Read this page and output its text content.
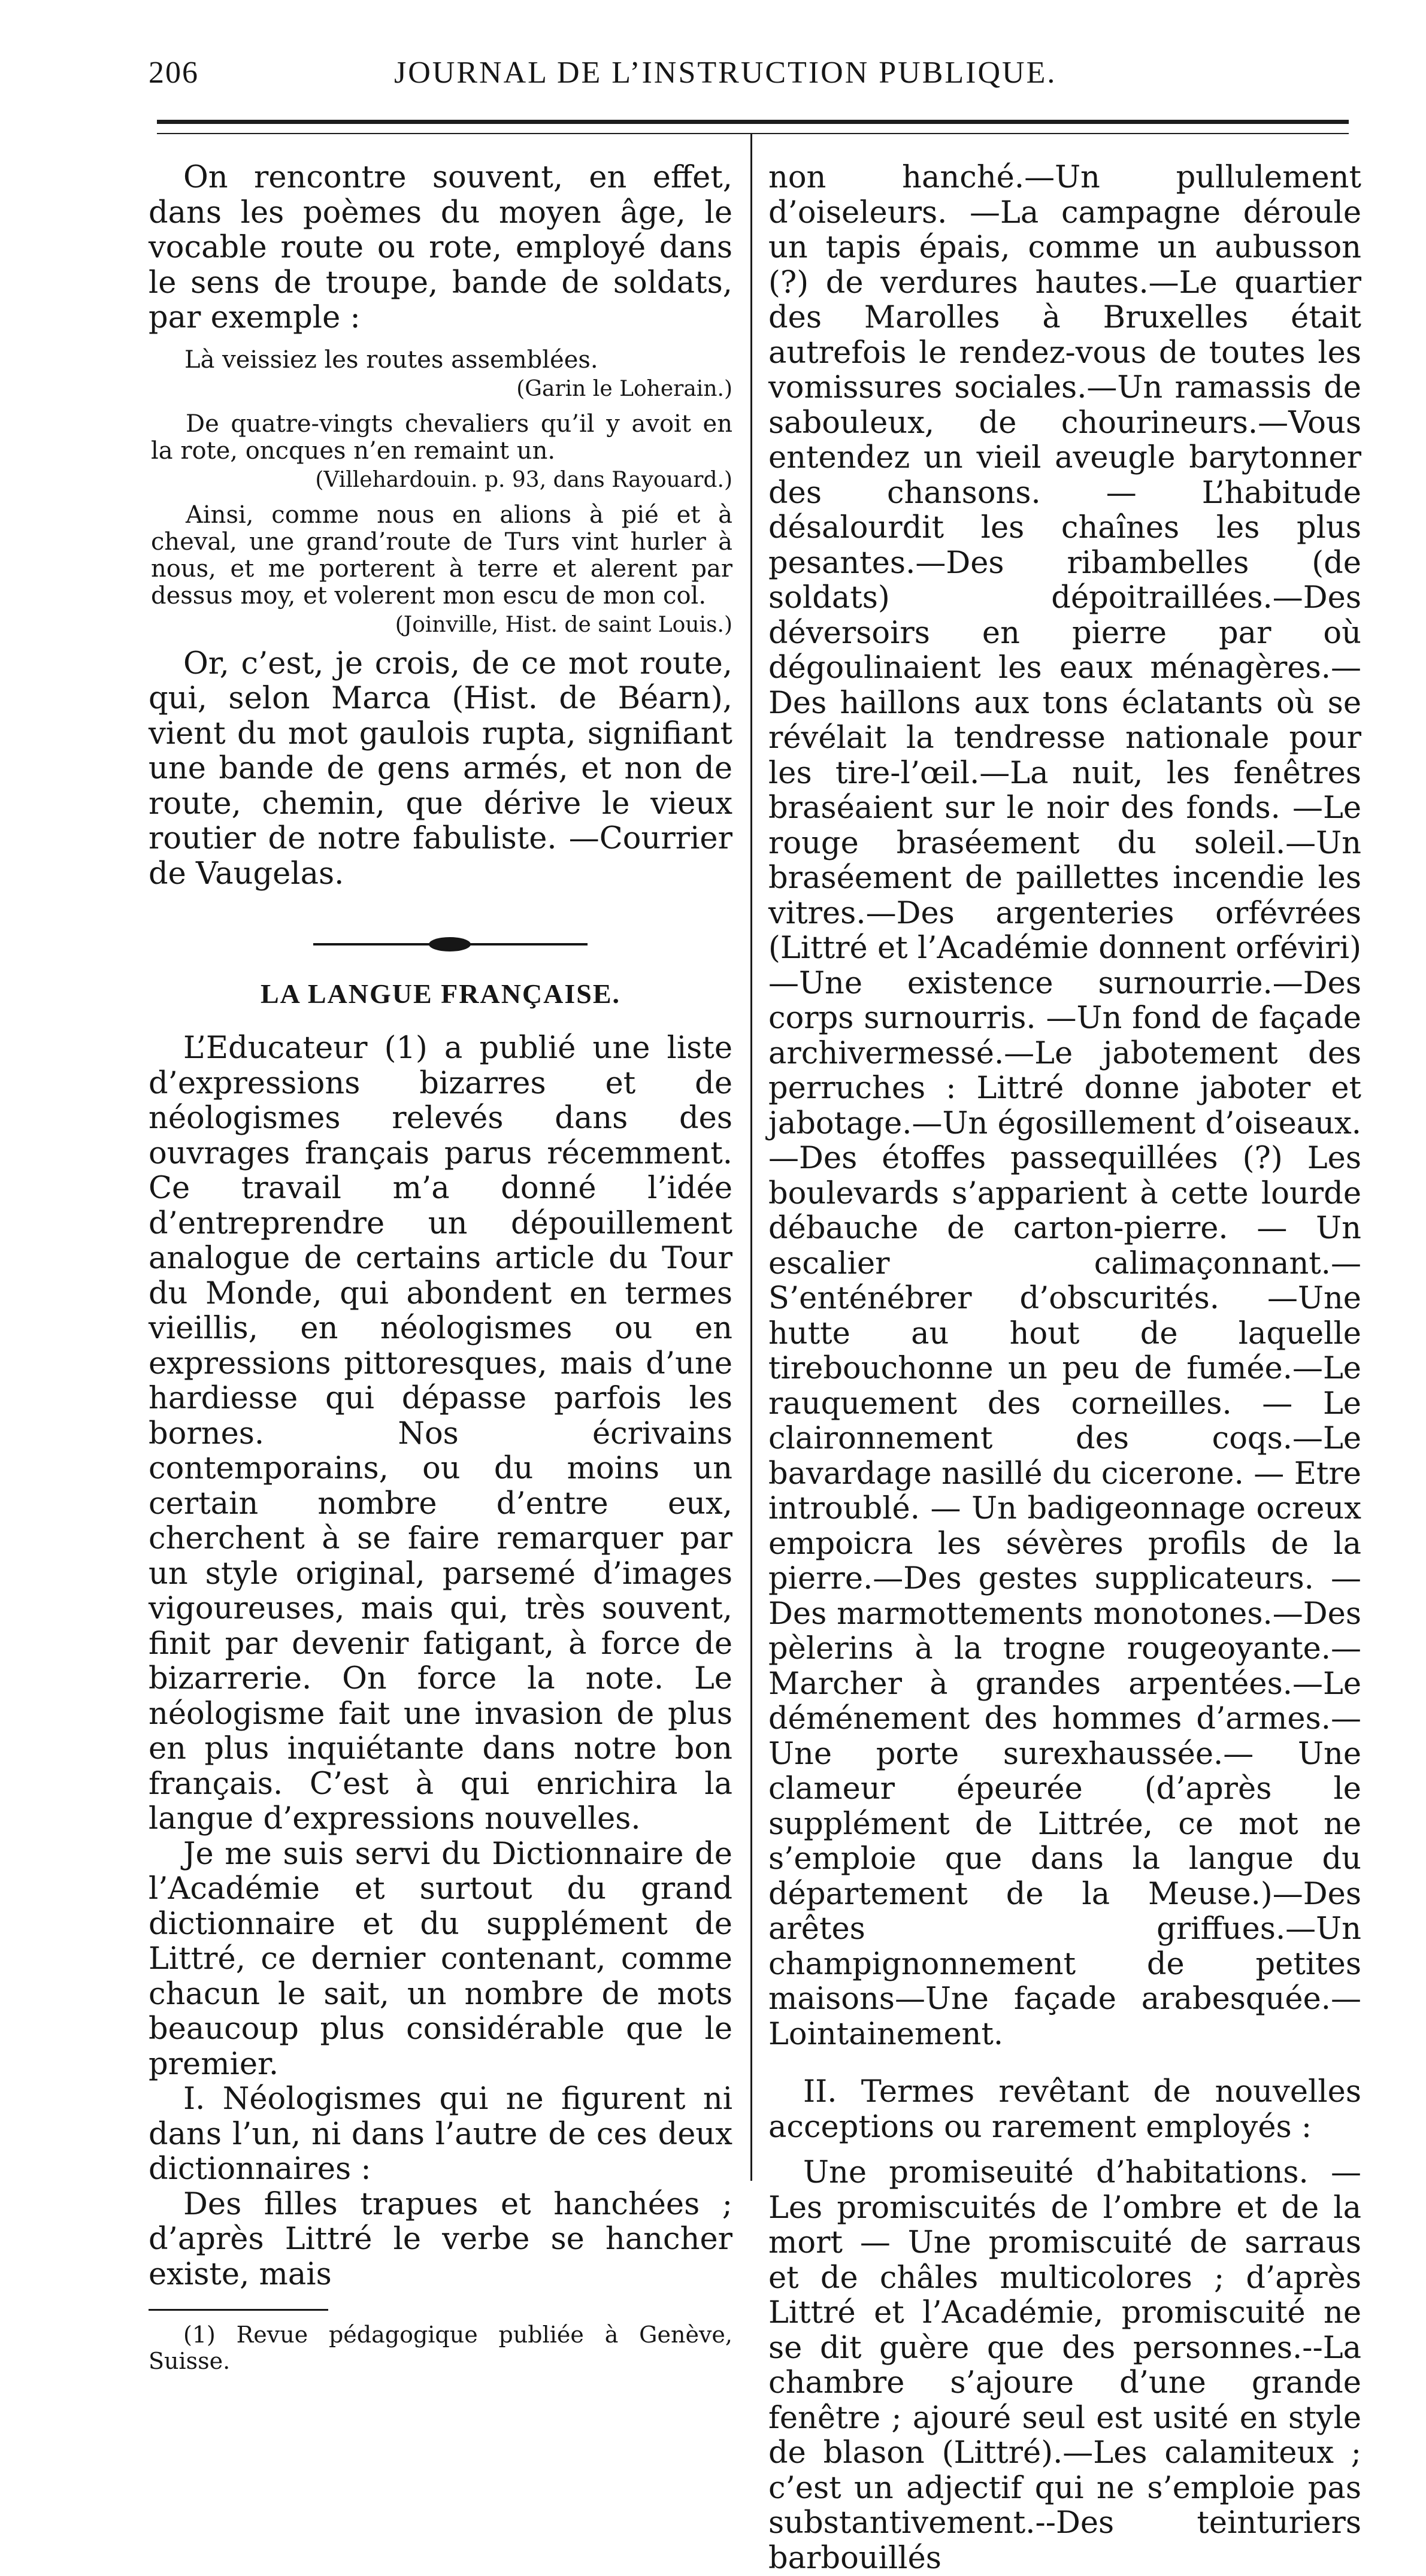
206	JOURNAL DE L’INSTRUCTION PUBLIQUE.

On rencontre souvent, en effet, dans les poèmes du moyen âge, le vocable route ou rote, employé dans le sens de troupe, bande de soldats, par exemple :

Là veissiez les routes assemblées.

(Garin le Loherain.)

De quatre-vingts chevaliers qu’il y avoit en la rote, oncques n’en remaint un.

(Villehardouin. p. 93, dans Rayouard.)

Ainsi, comme nous en alions à pié et à cheval, une grand’route de Turs vint hurler à nous, et me porterent à terre et alerent par dessus moy, et volerent mon escu de mon col.

(Joinville, Hist. de saint Louis.)

Or, c’est, je crois, de ce mot route, qui, selon Marca (Hist. de Béarn), vient du mot gaulois rupta, signifiant une bande de gens armés, et non de route, chemin, que dérive le vieux routier de notre fabuliste. —Courrier de Vaugelas.

LA LANGUE FRANÇAISE.

L’Educateur (1) a publié une liste d’expressions bizarres et de néologismes relevés dans des ouvrages français parus récemment. Ce travail m’a donné l’idée d’entreprendre un dépouillement analogue de certains article du Tour du Monde, qui abondent en termes vieillis, en néologismes ou en expressions pittoresques, mais d’une hardiesse qui dépasse parfois les bornes. Nos écrivains contemporains, ou du moins un certain nombre d’entre eux, cherchent à se faire remarquer par un style original, parsemé d’images vigoureuses, mais qui, très souvent, finit par devenir fatigant, à force de bizarrerie. On force la note. Le néologisme fait une invasion de plus en plus inquiétante dans notre bon français. C’est à qui enrichira la langue d’expressions nouvelles.

Je me suis servi du Dictionnaire de l’Académie et surtout du grand dictionnaire et du supplément de Littré, ce dernier contenant, comme chacun le sait, un nombre de mots beaucoup plus considérable que le premier.

I. Néologismes qui ne figurent ni dans l’un, ni dans l’autre de ces deux dictionnaires :

Des filles trapues et hanchées ; d’après Littré le verbe se hancher existe, mais

(1) Revue pédagogique publiée à Genève, Suisse.

non hanché.—Un pullulement d’oiseleurs. —La campagne déroule un tapis épais, comme un aubusson (?) de verdures hautes.—Le quartier des Marolles à Bruxelles était autrefois le rendez-vous de toutes les vomissures sociales.—Un ramassis de sabouleux, de chourineurs.—Vous entendez un vieil aveugle barytonner des chansons. — L’habitude désalourdit les chaînes les plus pesantes.—Des ribambelles (de soldats) dépoitraillées.—Des déversoirs en pierre par où dégoulinaient les eaux ménagères.—Des haillons aux tons éclatants où se révélait la tendresse nationale pour les tire-l’œil.—La nuit, les fenêtres braséaient sur le noir des fonds. —Le rouge braséement du soleil.—Un braséement de paillettes incendie les vitres.—Des argenteries orfévrées (Littré et l’Académie donnent orféviri) —Une existence surnourrie.—Des corps surnourris. —Un fond de façade archivermessé.—Le jabotement des perruches : Littré donne jaboter et jabotage.—Un égosillement d’oiseaux.—Des étoffes passequillées (?) Les boulevards s’apparient à cette lourde débauche de carton-pierre. — Un escalier calimaçonnant.—S’enténébrer d’obscurités. —Une hutte au hout de laquelle tirebouchonne un peu de fumée.—Le rauquement des corneilles. — Le claironnement des coqs.—Le bavardage nasillé du cicerone. — Etre introublé. — Un badigeonnage ocreux empoicra les sévères profils de la pierre.—Des gestes supplicateurs. — Des marmottements monotones.—Des pèlerins à la trogne rougeoyante.—Marcher à grandes arpentées.—Le déménement des hommes d’armes.—Une porte surexhaussée.— Une clameur épeurée (d’après le supplément de Littrée, ce mot ne s’emploie que dans la langue du département de la Meuse.)—Des arêtes griffues.—Un champignonnement de petites maisons—Une façade arabesquée.—Lointainement.

II. Termes revêtant de nouvelles acceptions ou rarement employés :

Une promiseuité d’habitations. — Les promiscuités de l’ombre et de la mort — Une promiscuité de sarraus et de châles multicolores ; d’après Littré et l’Académie, promiscuité ne se dit guère que des personnes.--La chambre s’ajoure d’une grande fenêtre ; ajouré seul est usité en style de blason (Littré).—Les calamiteux ; c’est un adjectif qui ne s’emploie pas substantivement.--Des teinturiers barbouillés
